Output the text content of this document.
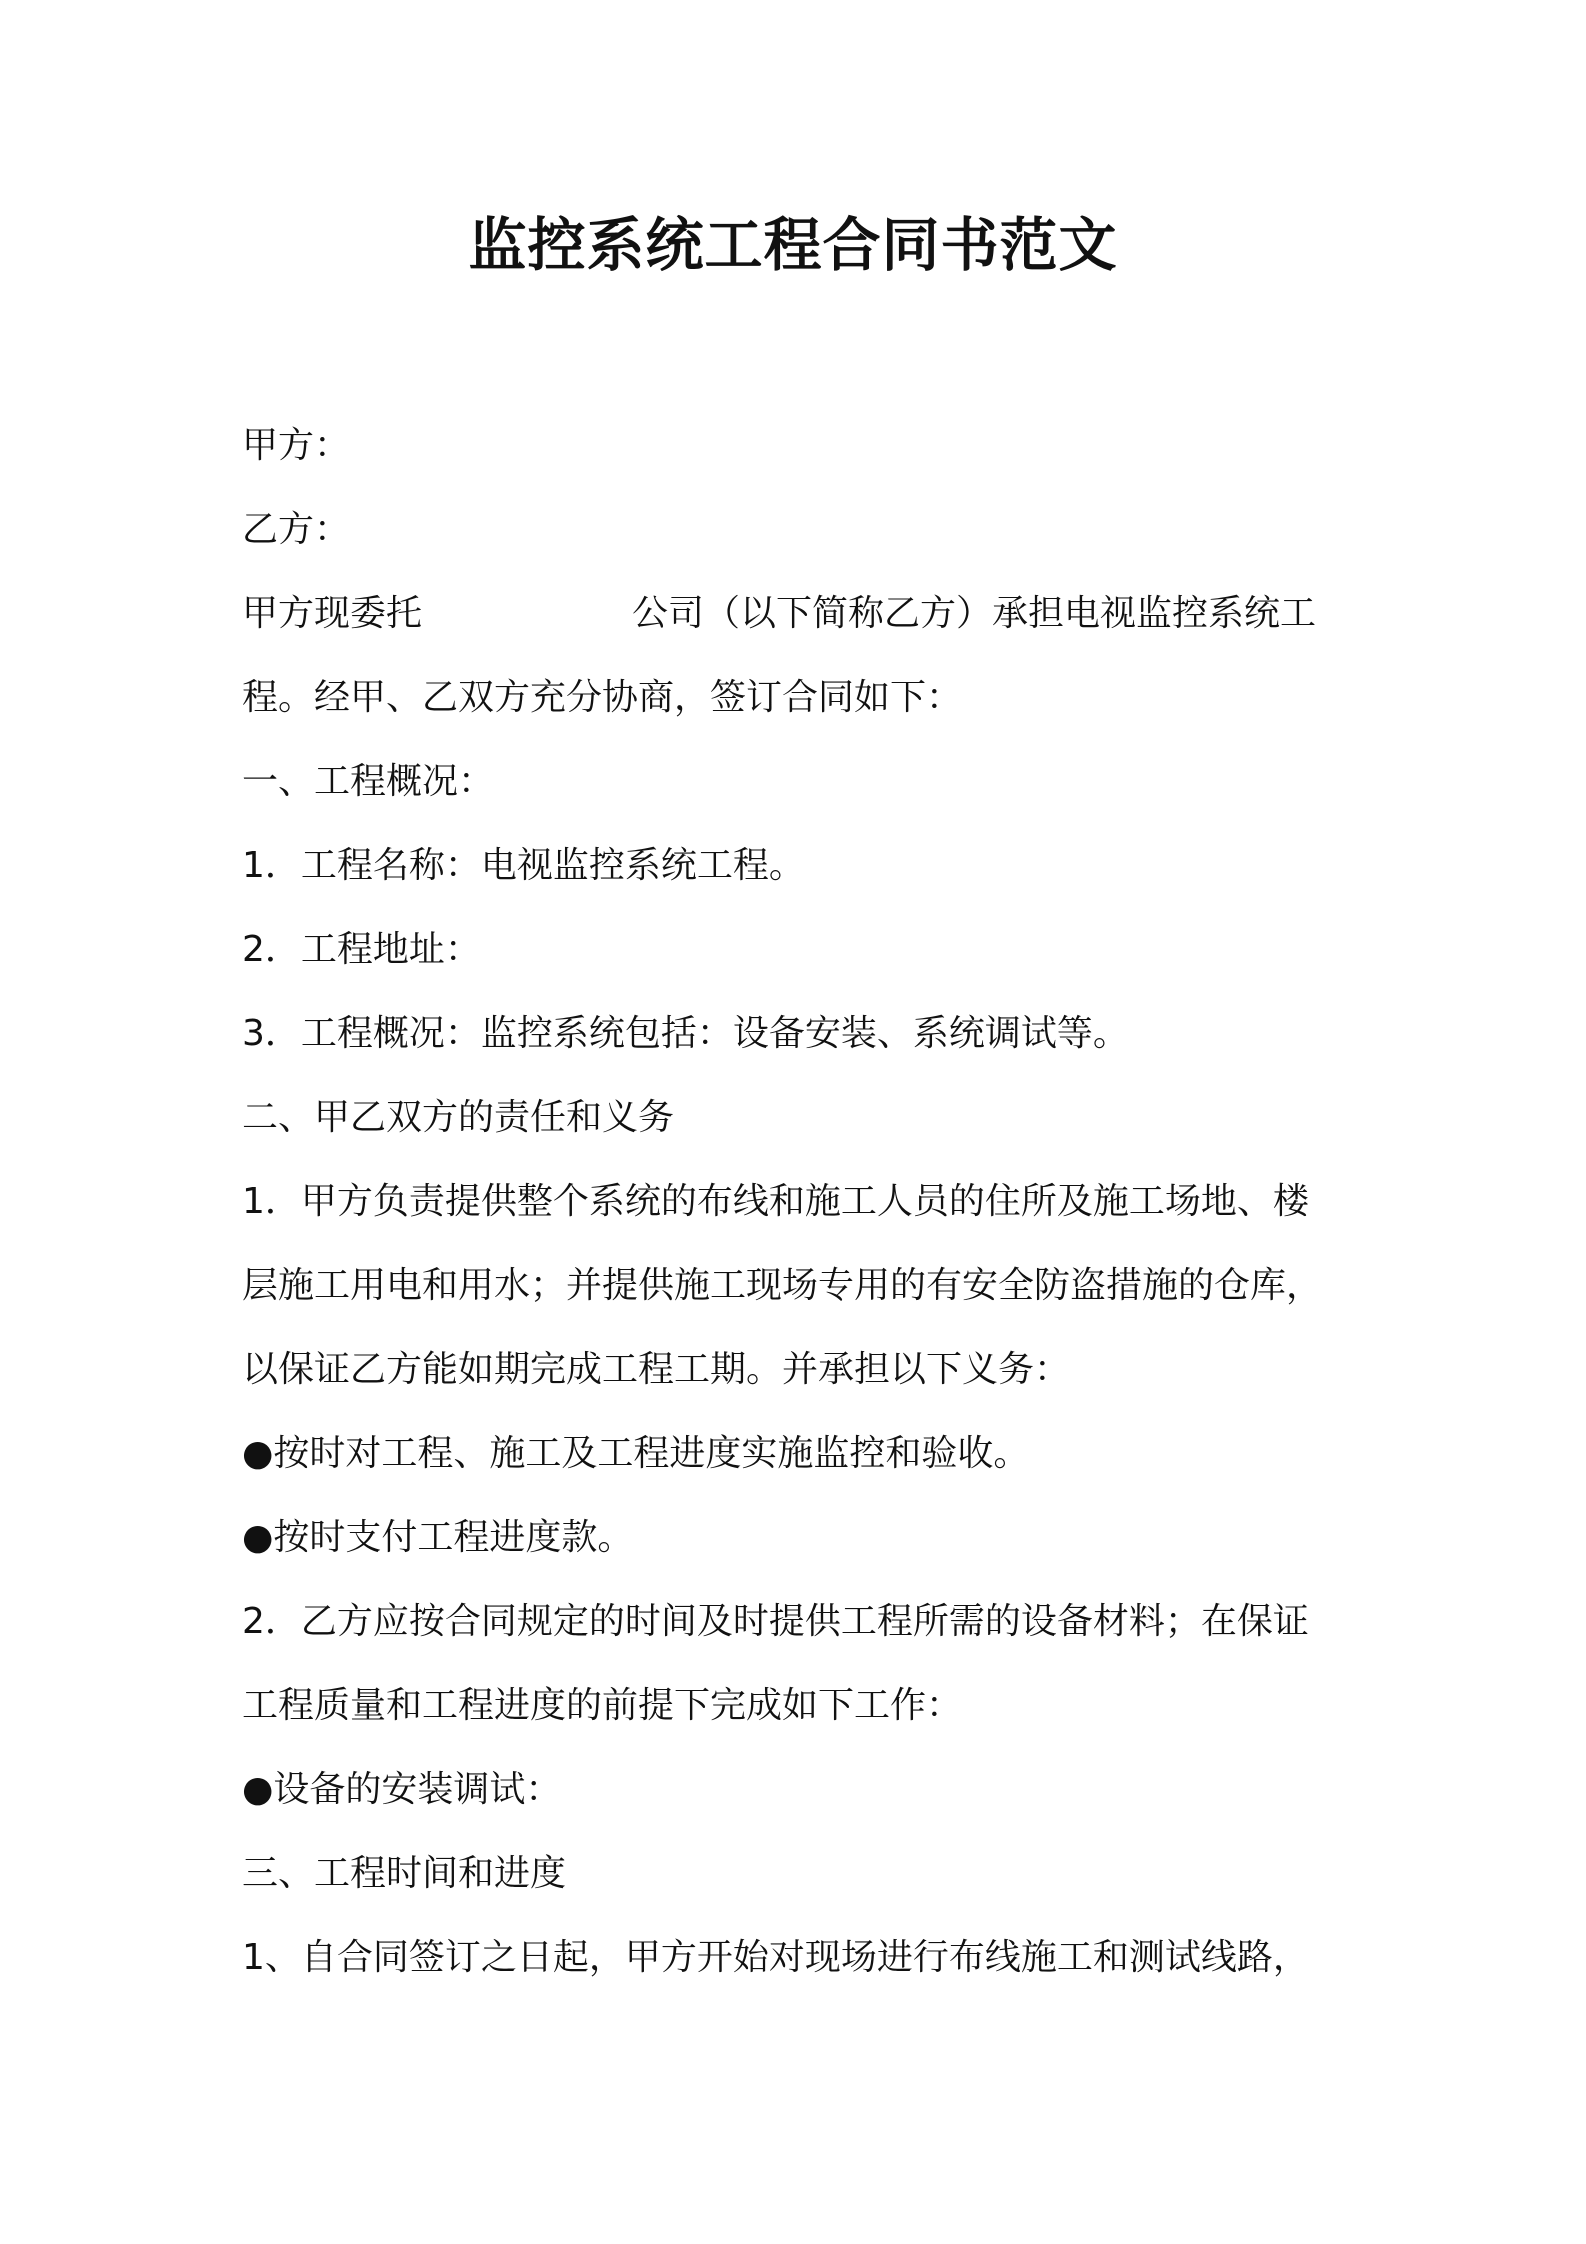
监控系统工程合同书范文

甲方：

乙方：

甲方现委托	公司（以下简称乙方）承担电视监控系统工

程。经甲、乙双方充分协商，签订合同如下：

一、工程概况：

1．工程名称：电视监控系统工程。

2．工程地址：

3．工程概况：监控系统包括：设备安装、系统调试等。

二、甲乙双方的责任和义务

1．甲方负责提供整个系统的布线和施工人员的住所及施工场地、楼

层施工用电和用水；并提供施工现场专用的有安全防盗措施的仓库，

以保证乙方能如期完成工程工期。并承担以下义务：

●按时对工程、施工及工程进度实施监控和验收。

●按时支付工程进度款。

2．乙方应按合同规定的时间及时提供工程所需的设备材料；在保证

工程质量和工程进度的前提下完成如下工作：

●设备的安装调试：

三、工程时间和进度

1、自合同签订之日起，甲方开始对现场进行布线施工和测试线路，
